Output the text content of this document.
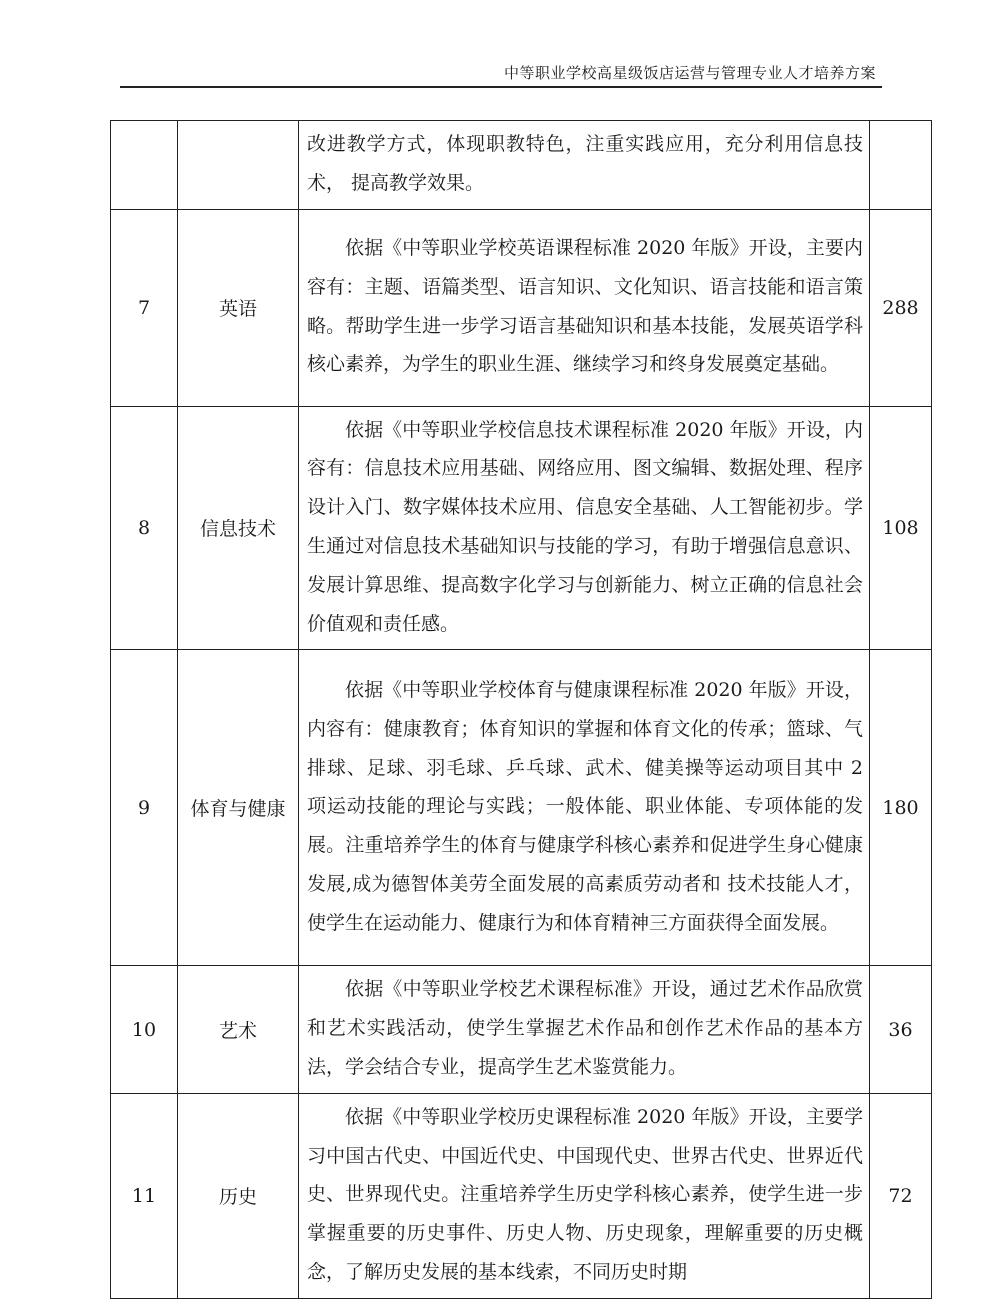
中等职业学校高星级饭店运营与管理专业人才培养方案

		改进教学方式，体现职教特色，注重实践应用，充分利用信息技术， 提高教学效果。	

7	英语	依据《中等职业学校英语课程标准 2020 年版》开设，主要内容有：主题、语篇类型、语言知识、文化知识、语言技能和语言策略。帮助学生进一步学习语言基础知识和基本技能，发展英语学科核心素养，为学生的职业生涯、继续学习和终身发展奠定基础。	288
8	信息技术	依据《中等职业学校信息技术课程标准 2020 年版》开设，内容有：信息技术应用基础、网络应用、图文编辑、数据处理、程序设计入门、数字媒体技术应用、信息安全基础、人工智能初步。学生通过对信息技术基础知识与技能的学习，有助于增强信息意识、发展计算思维、提高数字化学习与创新能力、树立正确的信息社会价值观和责任感。	108
9	体育与健康	依据《中等职业学校体育与健康课程标准 2020 年版》开设，内容有：健康教育；体育知识的掌握和体育文化的传承；篮球、气排球、足球、羽毛球、乒乓球、武术、健美操等运动项目其中 2 项运动技能的理论与实践；一般体能、职业体能、专项体能的发展。注重培养学生的体育与健康学科核心素养和促进学生身心健康发展,成为德智体美劳全面发展的高素质劳动者和 技术技能人才，使学生在运动能力、健康行为和体育精神三方面获得全面发展。	180
10	艺术	依据《中等职业学校艺术课程标准》开设，通过艺术作品欣赏和艺术实践活动，使学生掌握艺术作品和创作艺术作品的基本方法，学会结合专业，提高学生艺术鉴赏能力。	36
11	历史	依据《中等职业学校历史课程标准 2020 年版》开设，主要学习中国古代史、中国近代史、中国现代史、世界古代史、世界近代史、世界现代史。注重培养学生历史学科核心素养，使学生进一步掌握重要的历史事件、历史人物、历史现象，理解重要的历史概念，了解历史发展的基本线索，不同历史时期	72
